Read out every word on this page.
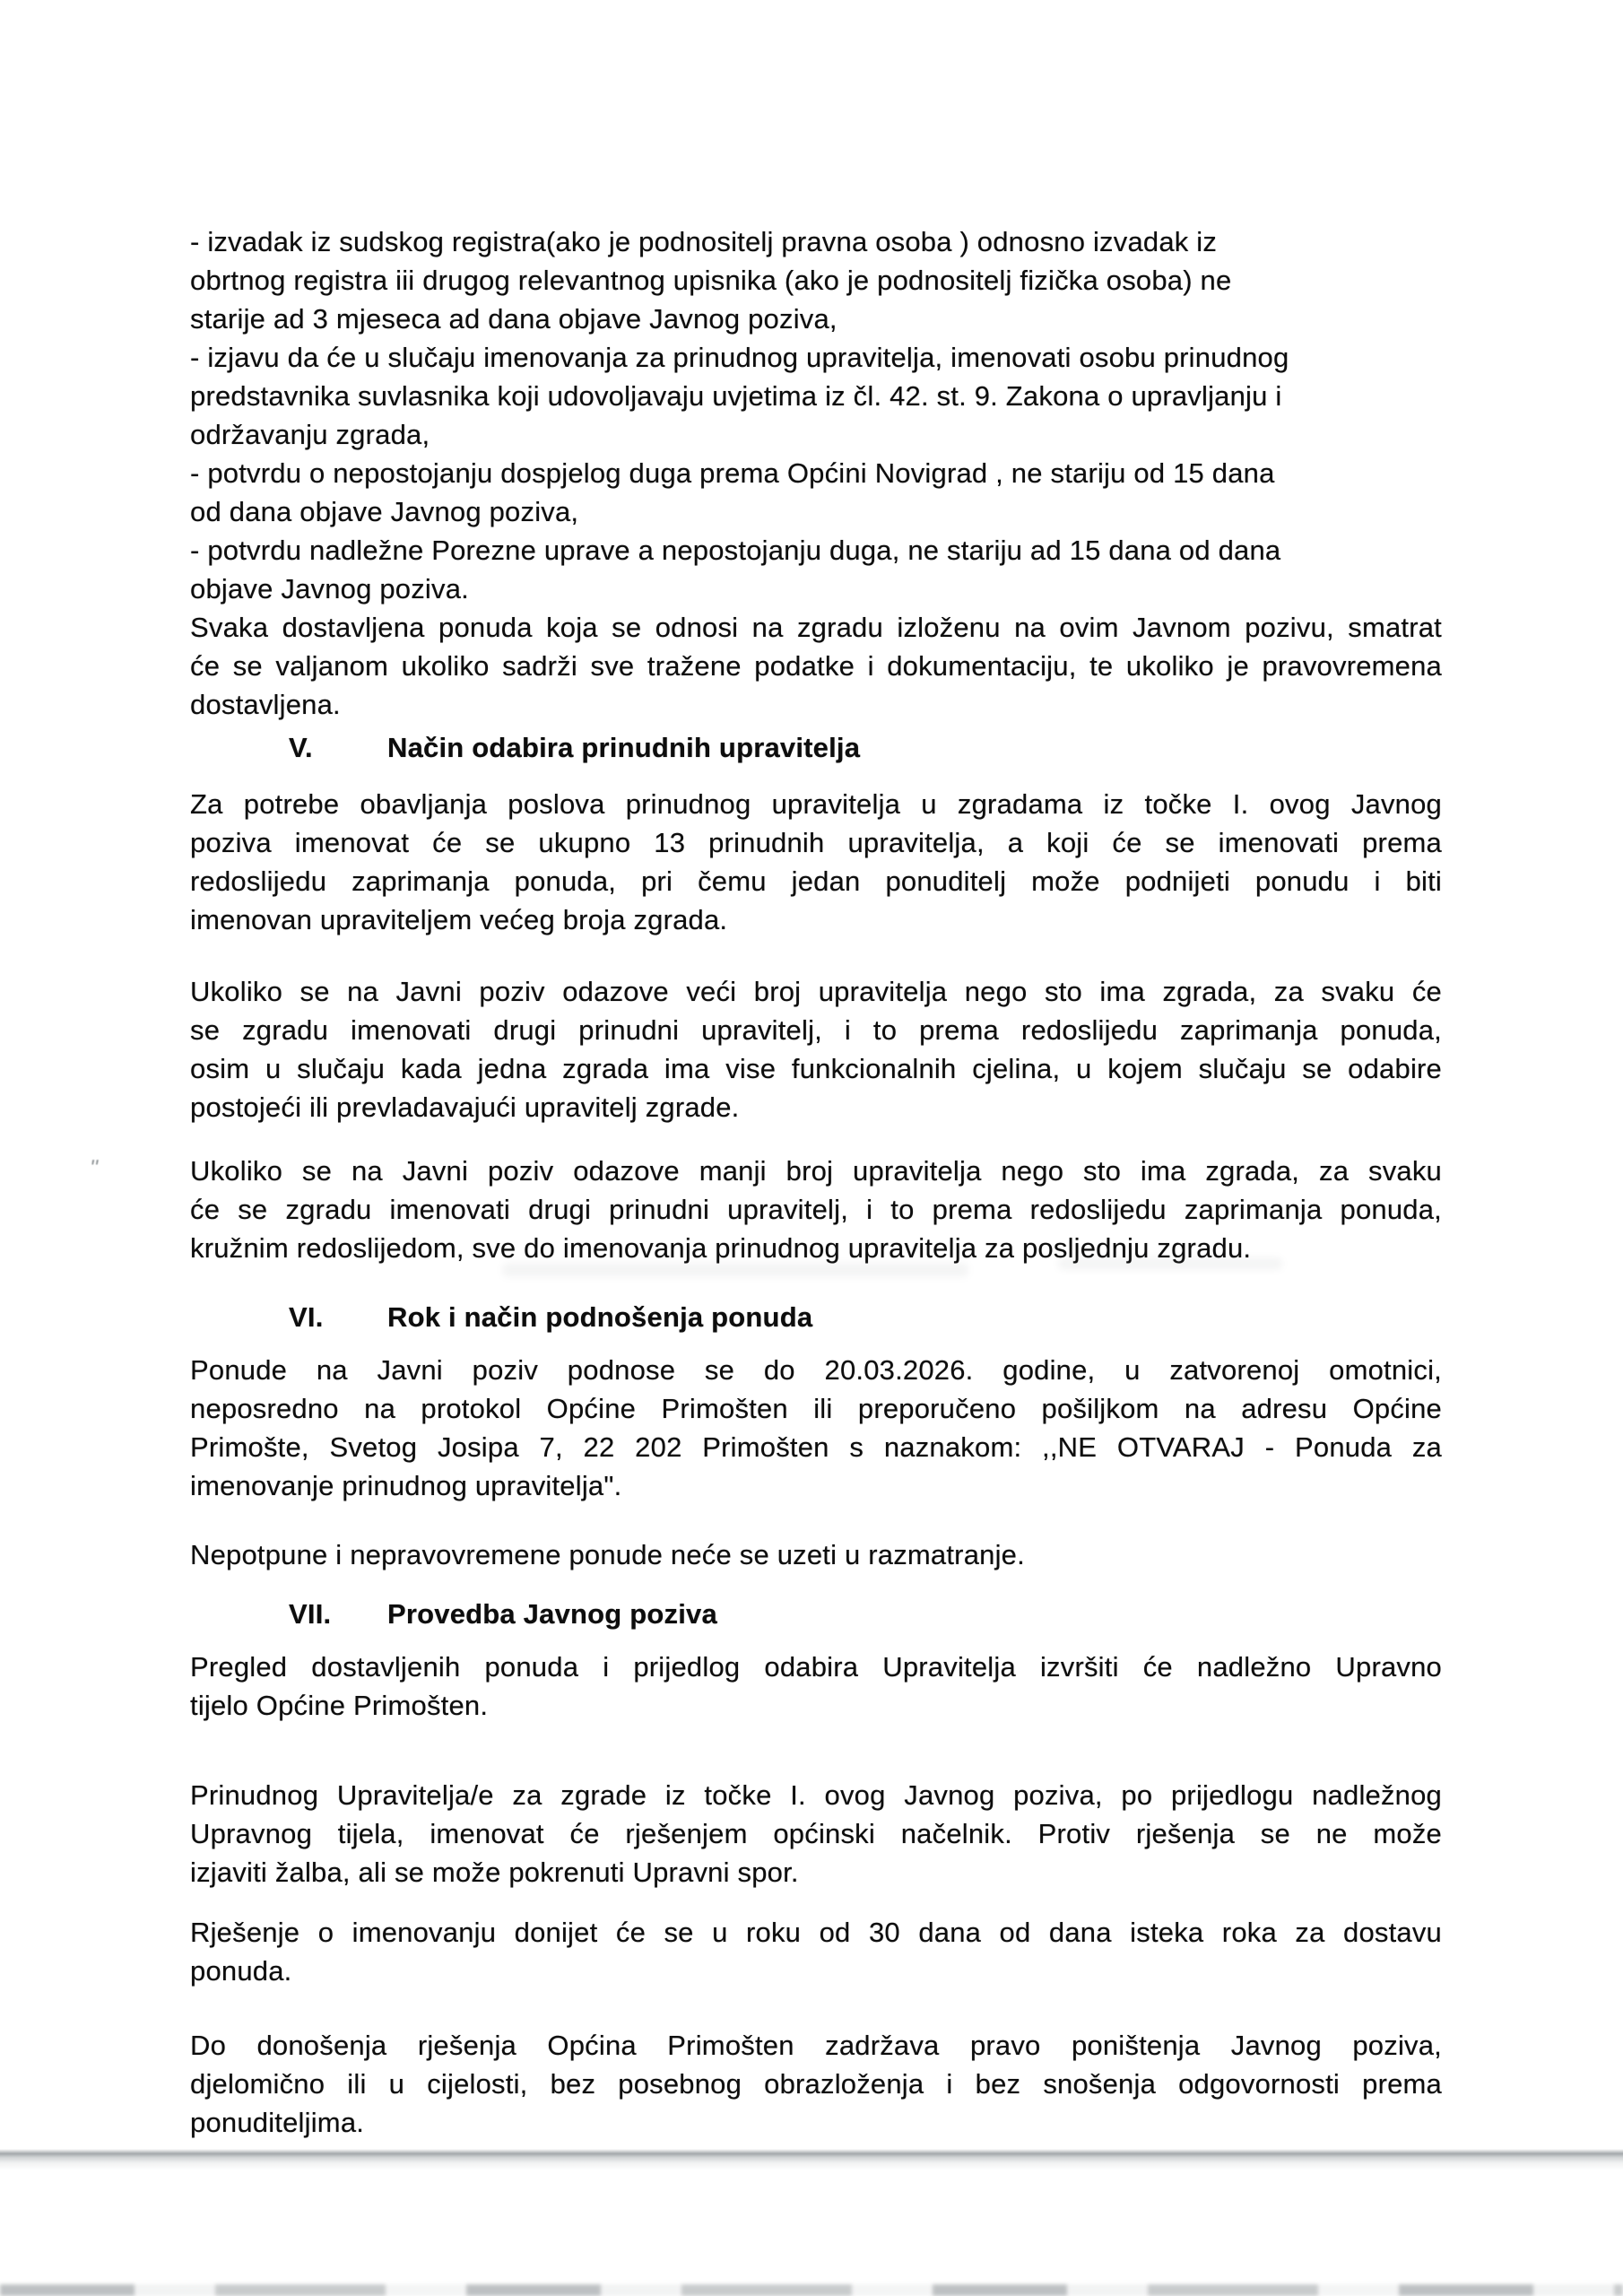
- izvadak iz sudskog registra(ako je podnositelj pravna osoba ) odnosno izvadak iz
obrtnog registra iii drugog relevantnog upisnika (ako je podnositelj fizička osoba) ne
starije ad 3 mjeseca ad dana objave Javnog poziva,
- izjavu da će u slučaju imenovanja za prinudnog upravitelja, imenovati osobu prinudnog
predstavnika suvlasnika koji udovoljavaju uvjetima iz čl. 42. st. 9. Zakona o upravljanju i
održavanju zgrada,
- potvrdu o nepostojanju dospjelog duga prema Općini Novigrad , ne stariju od 15 dana
od dana objave Javnog poziva,
- potvrdu nadležne Porezne uprave a nepostojanju duga, ne stariju ad 15 dana od dana
objave Javnog poziva.
Svaka dostavljena ponuda koja se odnosi na zgradu izloženu na ovim Javnom pozivu, smatrat
će se valjanom ukoliko sadrži sve tražene podatke i dokumentaciju, te ukoliko je pravovremena
dostavljena.
V.	Način odabira prinudnih upravitelja
Za potrebe obavljanja poslova prinudnog upravitelja u zgradama iz točke I. ovog Javnog
poziva imenovat će se ukupno 13 prinudnih upravitelja, a koji će se imenovati prema
redoslijedu zaprimanja ponuda, pri čemu jedan ponuditelj može podnijeti ponudu i biti
imenovan upraviteljem većeg broja zgrada.
Ukoliko se na Javni poziv odazove veći broj upravitelja nego sto ima zgrada, za svaku će
se zgradu imenovati drugi prinudni upravitelj, i to prema redoslijedu zaprimanja ponuda,
osim u slučaju kada jedna zgrada ima vise funkcionalnih cjelina, u kojem slučaju se odabire
postojeći ili prevladavajući upravitelj zgrade.
Ukoliko se na Javni poziv odazove manji broj upravitelja nego sto ima zgrada, za svaku
će se zgradu imenovati drugi prinudni upravitelj, i to prema redoslijedu zaprimanja ponuda,
kružnim redoslijedom, sve do imenovanja prinudnog upravitelja za posljednju zgradu.
VI. Rok i način podnošenja ponuda
Ponude na Javni poziv podnose se do 20.03.2026. godine, u zatvorenoj omotnici,
neposredno na protokol Općine Primošten ili preporučeno pošiljkom na adresu Općine
Primošte, Svetog Josipa 7, 22 202 Primošten s naznakom: ,,NE OTVARAJ - Ponuda za
imenovanje prinudnog upravitelja".
Nepotpune i nepravovremene ponude neće se uzeti u razmatranje.
VII. Provedba Javnog poziva
Pregled dostavljenih ponuda i prijedlog odabira Upravitelja izvršiti će nadležno Upravno
tijelo Općine Primošten.
Prinudnog Upravitelja/e za zgrade iz točke I. ovog Javnog poziva, po prijedlogu nadležnog
Upravnog tijela, imenovat će rješenjem općinski načelnik. Protiv rješenja se ne može
izjaviti žalba, ali se može pokrenuti Upravni spor.
Rješenje o imenovanju donijet će se u roku od 30 dana od dana isteka roka za dostavu
ponuda.
Do donošenja rješenja Općina Primošten zadržava pravo poništenja Javnog poziva,
djelomično ili u cijelosti, bez posebnog obrazloženja i bez snošenja odgovornosti prema
ponuditeljima.
ʹʹ
